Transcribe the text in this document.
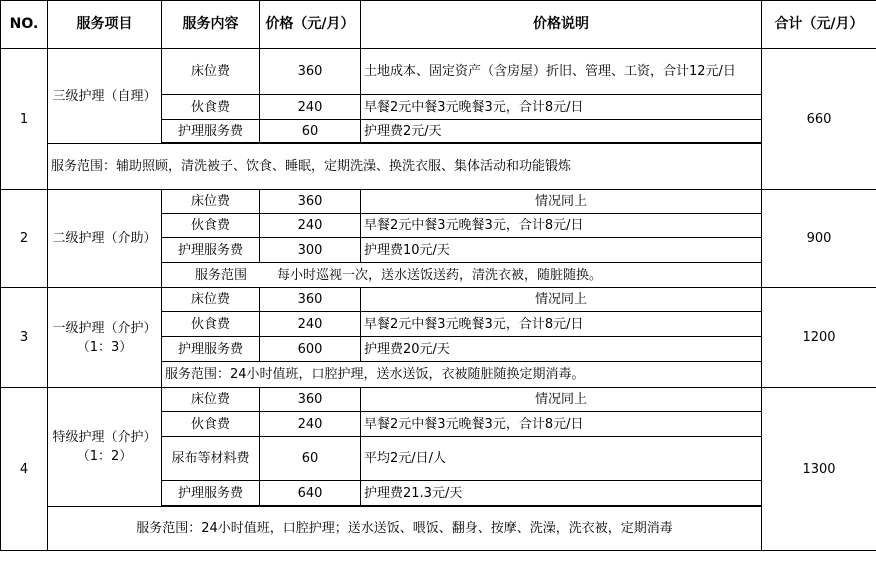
NO.	服务项目	服务内容	价格（元/月）	价格说明	合计（元/月）
1	三级护理（自理）	床位费	360	土地成本、固定资产（含房屋）折旧、管理、工资，合计12元/日	660
		伙食费	240	早餐2元中餐3元晚餐3元，合计8元/日	
		护理服务费	60	护理费2元/天	

	服务范围：辅助照顾，清洗被子、饮食、睡眠，定期洗澡、换洗衣服、集体活动和功能锻炼				
2	二级护理（介助）	床位费	360	情况同上	900
		伙食费	240	早餐2元中餐3元晚餐3元，合计8元/日	
		护理服务费	300	护理费10元/天	

		服务范围 每小时巡视一次，送水送饭送药，清洗衣被，随脏随换。			

3	一级护理（介护）（1：3）	床位费	360	情况同上	1200
		伙食费	240	早餐2元中餐3元晚餐3元，合计8元/日	
		护理服务费	600	护理费20元/天	
		服务范围：24小时值班，口腔护理，送水送饭，衣被随脏随换定期消毒。			
4	特级护理（介护）（1：2）	床位费	360	情况同上	1300
		伙食费	240	早餐2元中餐3元晚餐3元，合计8元/日	
		尿布等材料费	60	平均2元/日/人	
		护理服务费	640	护理费21.3元/天	

	服务范围：24小时值班，口腔护理；送水送饭、喂饭、翻身、按摩、洗澡，洗衣被，定期消毒				
